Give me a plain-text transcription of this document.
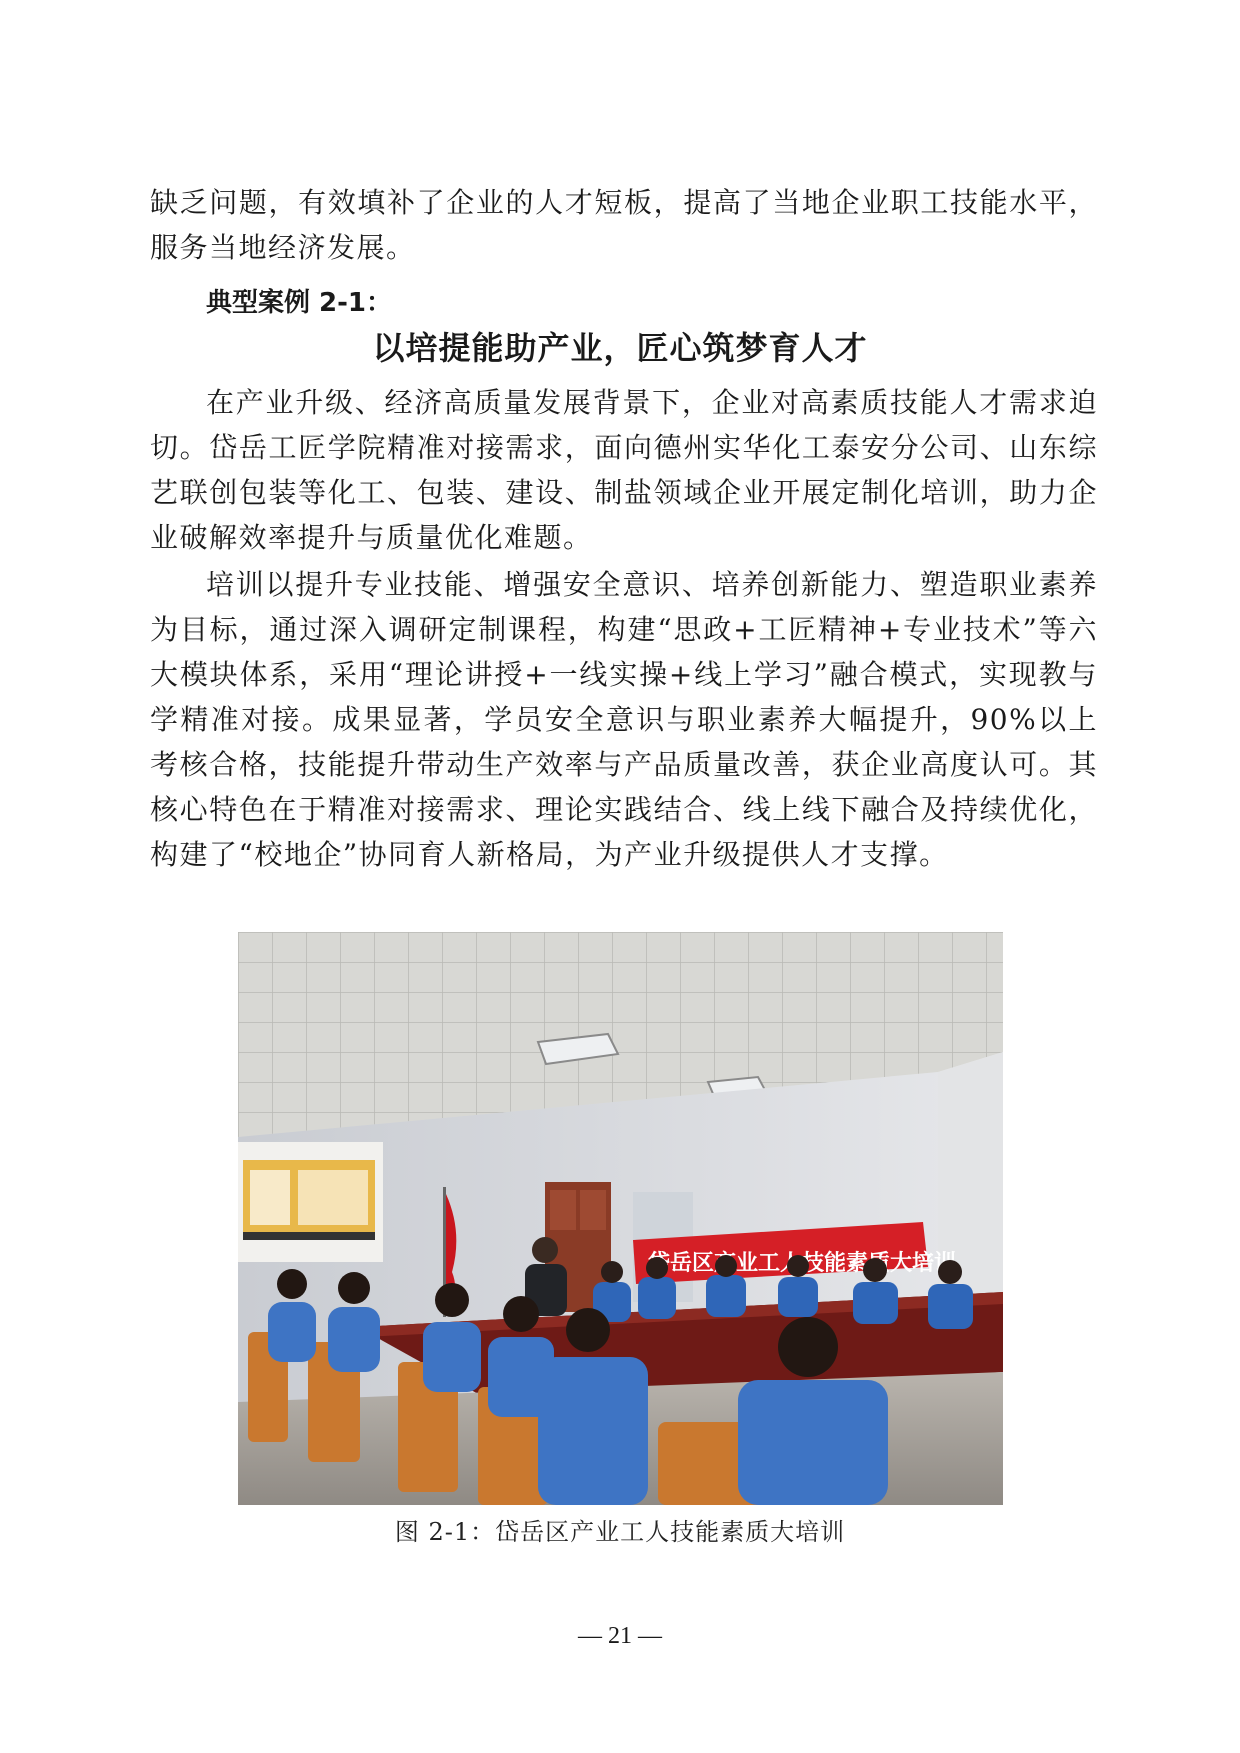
缺乏问题，有效填补了企业的人才短板，提高了当地企业职工技能水平，服务当地经济发展。

典型案例 2-1：

以培提能助产业，匠心筑梦育人才

在产业升级、经济高质量发展背景下，企业对高素质技能人才需求迫切。岱岳工匠学院精准对接需求，面向德州实华化工泰安分公司、山东综艺联创包装等化工、包装、建设、制盐领域企业开展定制化培训，助力企业破解效率提升与质量优化难题。

培训以提升专业技能、增强安全意识、培养创新能力、塑造职业素养为目标，通过深入调研定制课程，构建“思政+工匠精神+专业技术”等六大模块体系，采用“理论讲授+一线实操+线上学习”融合模式，实现教与学精准对接。成果显著，学员安全意识与职业素养大幅提升，90%以上考核合格，技能提升带动生产效率与产品质量改善，获企业高度认可。其核心特色在于精准对接需求、理论实践结合、线上线下融合及持续优化，构建了“校地企”协同育人新格局，为产业升级提供人才支撑。

图 2-1：岱岳区产业工人技能素质大培训
— 21 —
